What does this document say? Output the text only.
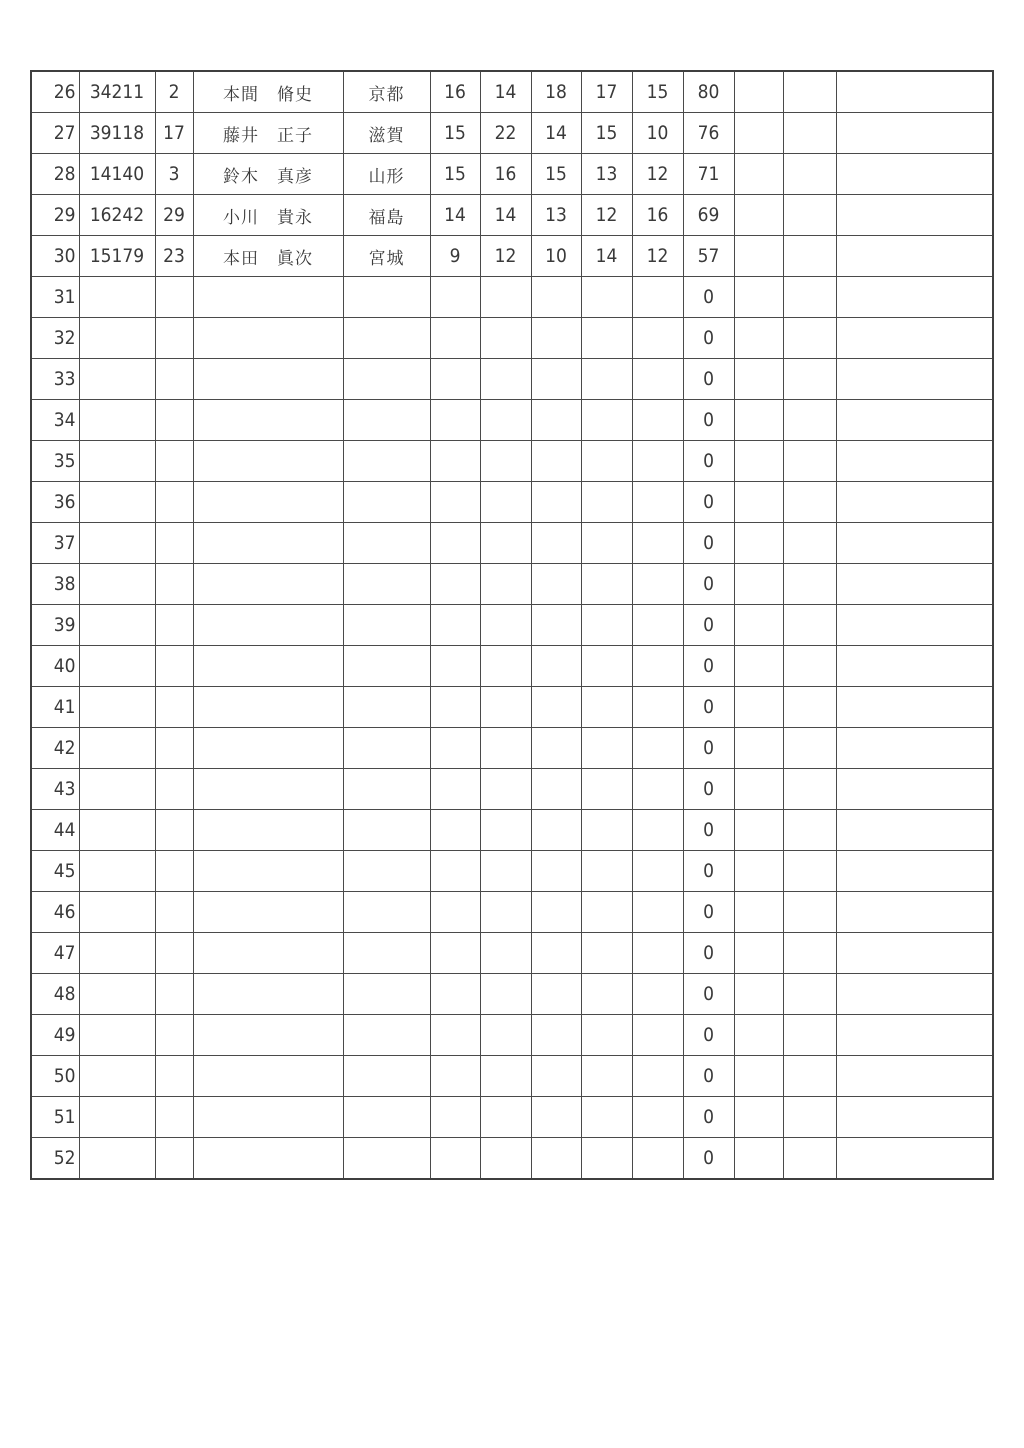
26	34211	2	本間　脩史	京都	16	14	18	17	15	80			
27	39118	17	藤井　正子	滋賀	15	22	14	15	10	76			
28	14140	3	鈴木　真彦	山形	15	16	15	13	12	71			
29	16242	29	小川　貴永	福島	14	14	13	12	16	69			
30	15179	23	本田　眞次	宮城	9	12	10	14	12	57			
31										0			
32										0			
33										0			
34										0			
35										0			
36										0			
37										0			
38										0			
39										0			
40										0			
41										0			
42										0			
43										0			
44										0			
45										0			
46										0			
47										0			
48										0			
49										0			
50										0			
51										0			
52										0			
